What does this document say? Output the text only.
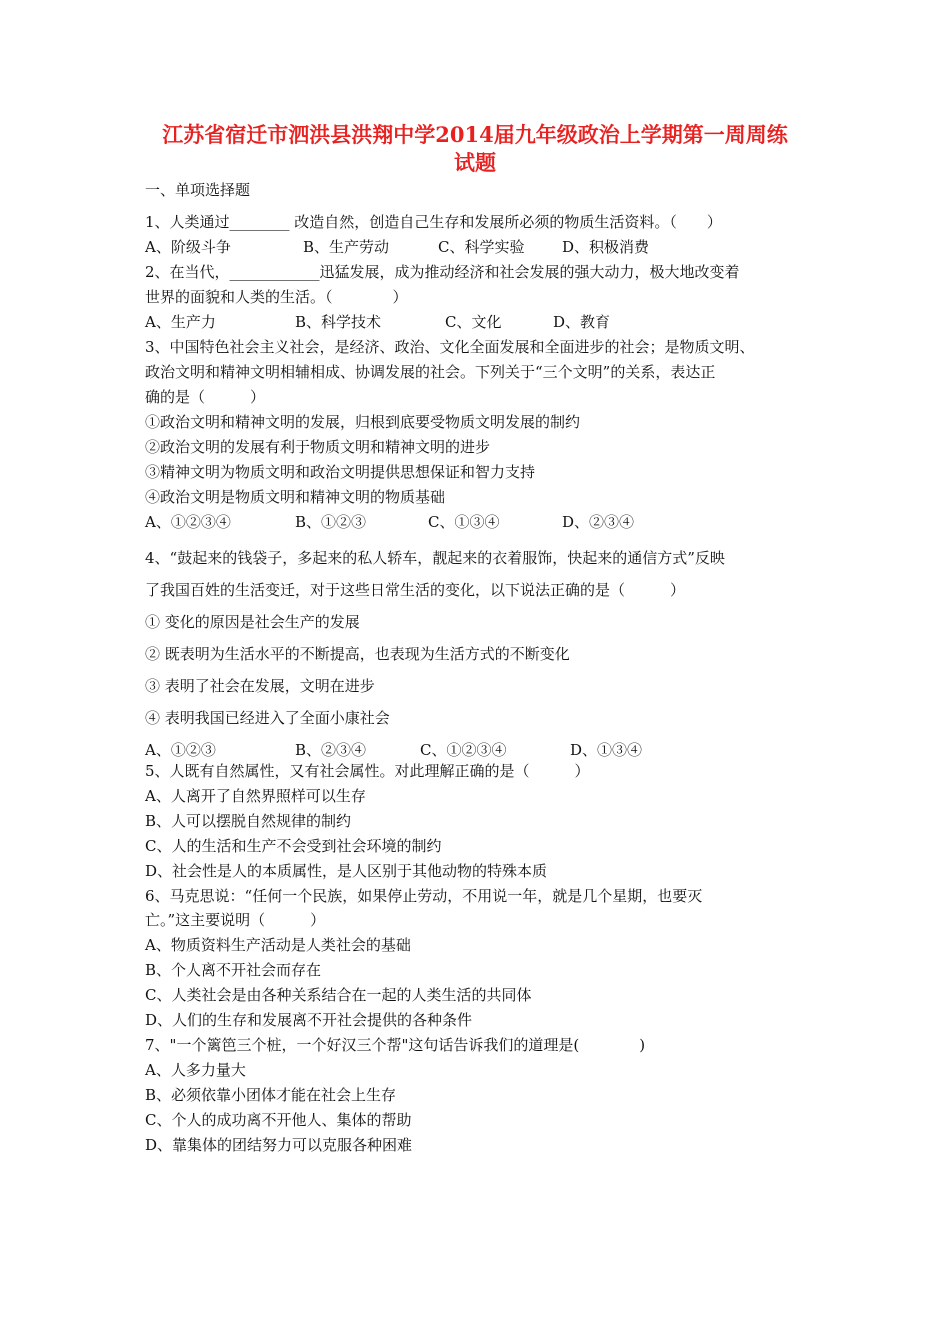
江苏省宿迁市泗洪县洪翔中学2014届九年级政治上学期第一周周练
试题
一、单项选择题
1、人类通过________ 改造自然，创造自己生存和发展所必须的物质生活资料。（　　）
A、阶级斗争	B、生产劳动	C、科学实验	D、积极消费
2、在当代，____________迅猛发展，成为推动经济和社会发展的强大动力，极大地改变着
世界的面貌和人类的生活。（　　　　）
A、生产力	B、科学技术	C、文化	D、教育
3、中国特色社会主义社会，是经济、政治、文化全面发展和全面进步的社会；是物质文明、
政治文明和精神文明相辅相成、协调发展的社会。下列关于“三个文明”的关系，表达正
确的是（　　　）
①政治文明和精神文明的发展，归根到底要受物质文明发展的制约
②政治文明的发展有利于物质文明和精神文明的进步
③精神文明为物质文明和政治文明提供思想保证和智力支持
④政治文明是物质文明和精神文明的物质基础
A、①②③④	B、①②③	C、①③④	D、②③④
4、“鼓起来的钱袋子，多起来的私人轿车，靓起来的衣着服饰，快起来的通信方式”反映
了我国百姓的生活变迁，对于这些日常生活的变化，以下说法正确的是（　　　）
① 变化的原因是社会生产的发展
② 既表明为生活水平的不断提高，也表现为生活方式的不断变化
③ 表明了社会在发展，文明在进步
④ 表明我国已经进入了全面小康社会
A、①②③	B、②③④	C、①②③④	D、①③④
5、人既有自然属性，又有社会属性。对此理解正确的是（　　　）
A、人离开了自然界照样可以生存
B、人可以摆脱自然规律的制约
C、人的生活和生产不会受到社会环境的制约
D、社会性是人的本质属性，是人区别于其他动物的特殊本质
6、马克思说：“任何一个民族，如果停止劳动，不用说一年，就是几个星期，也要灭
亡。”这主要说明（　　　）
A、物质资料生产活动是人类社会的基础
B、个人离不开社会而存在
C、人类社会是由各种关系结合在一起的人类生活的共同体
D、人们的生存和发展离不开社会提供的各种条件
7、"一个篱笆三个桩，一个好汉三个帮"这句话告诉我们的道理是(　　　　)
A、人多力量大
B、必须依靠小团体才能在社会上生存
C、个人的成功离不开他人、集体的帮助
D、靠集体的团结努力可以克服各种困难
